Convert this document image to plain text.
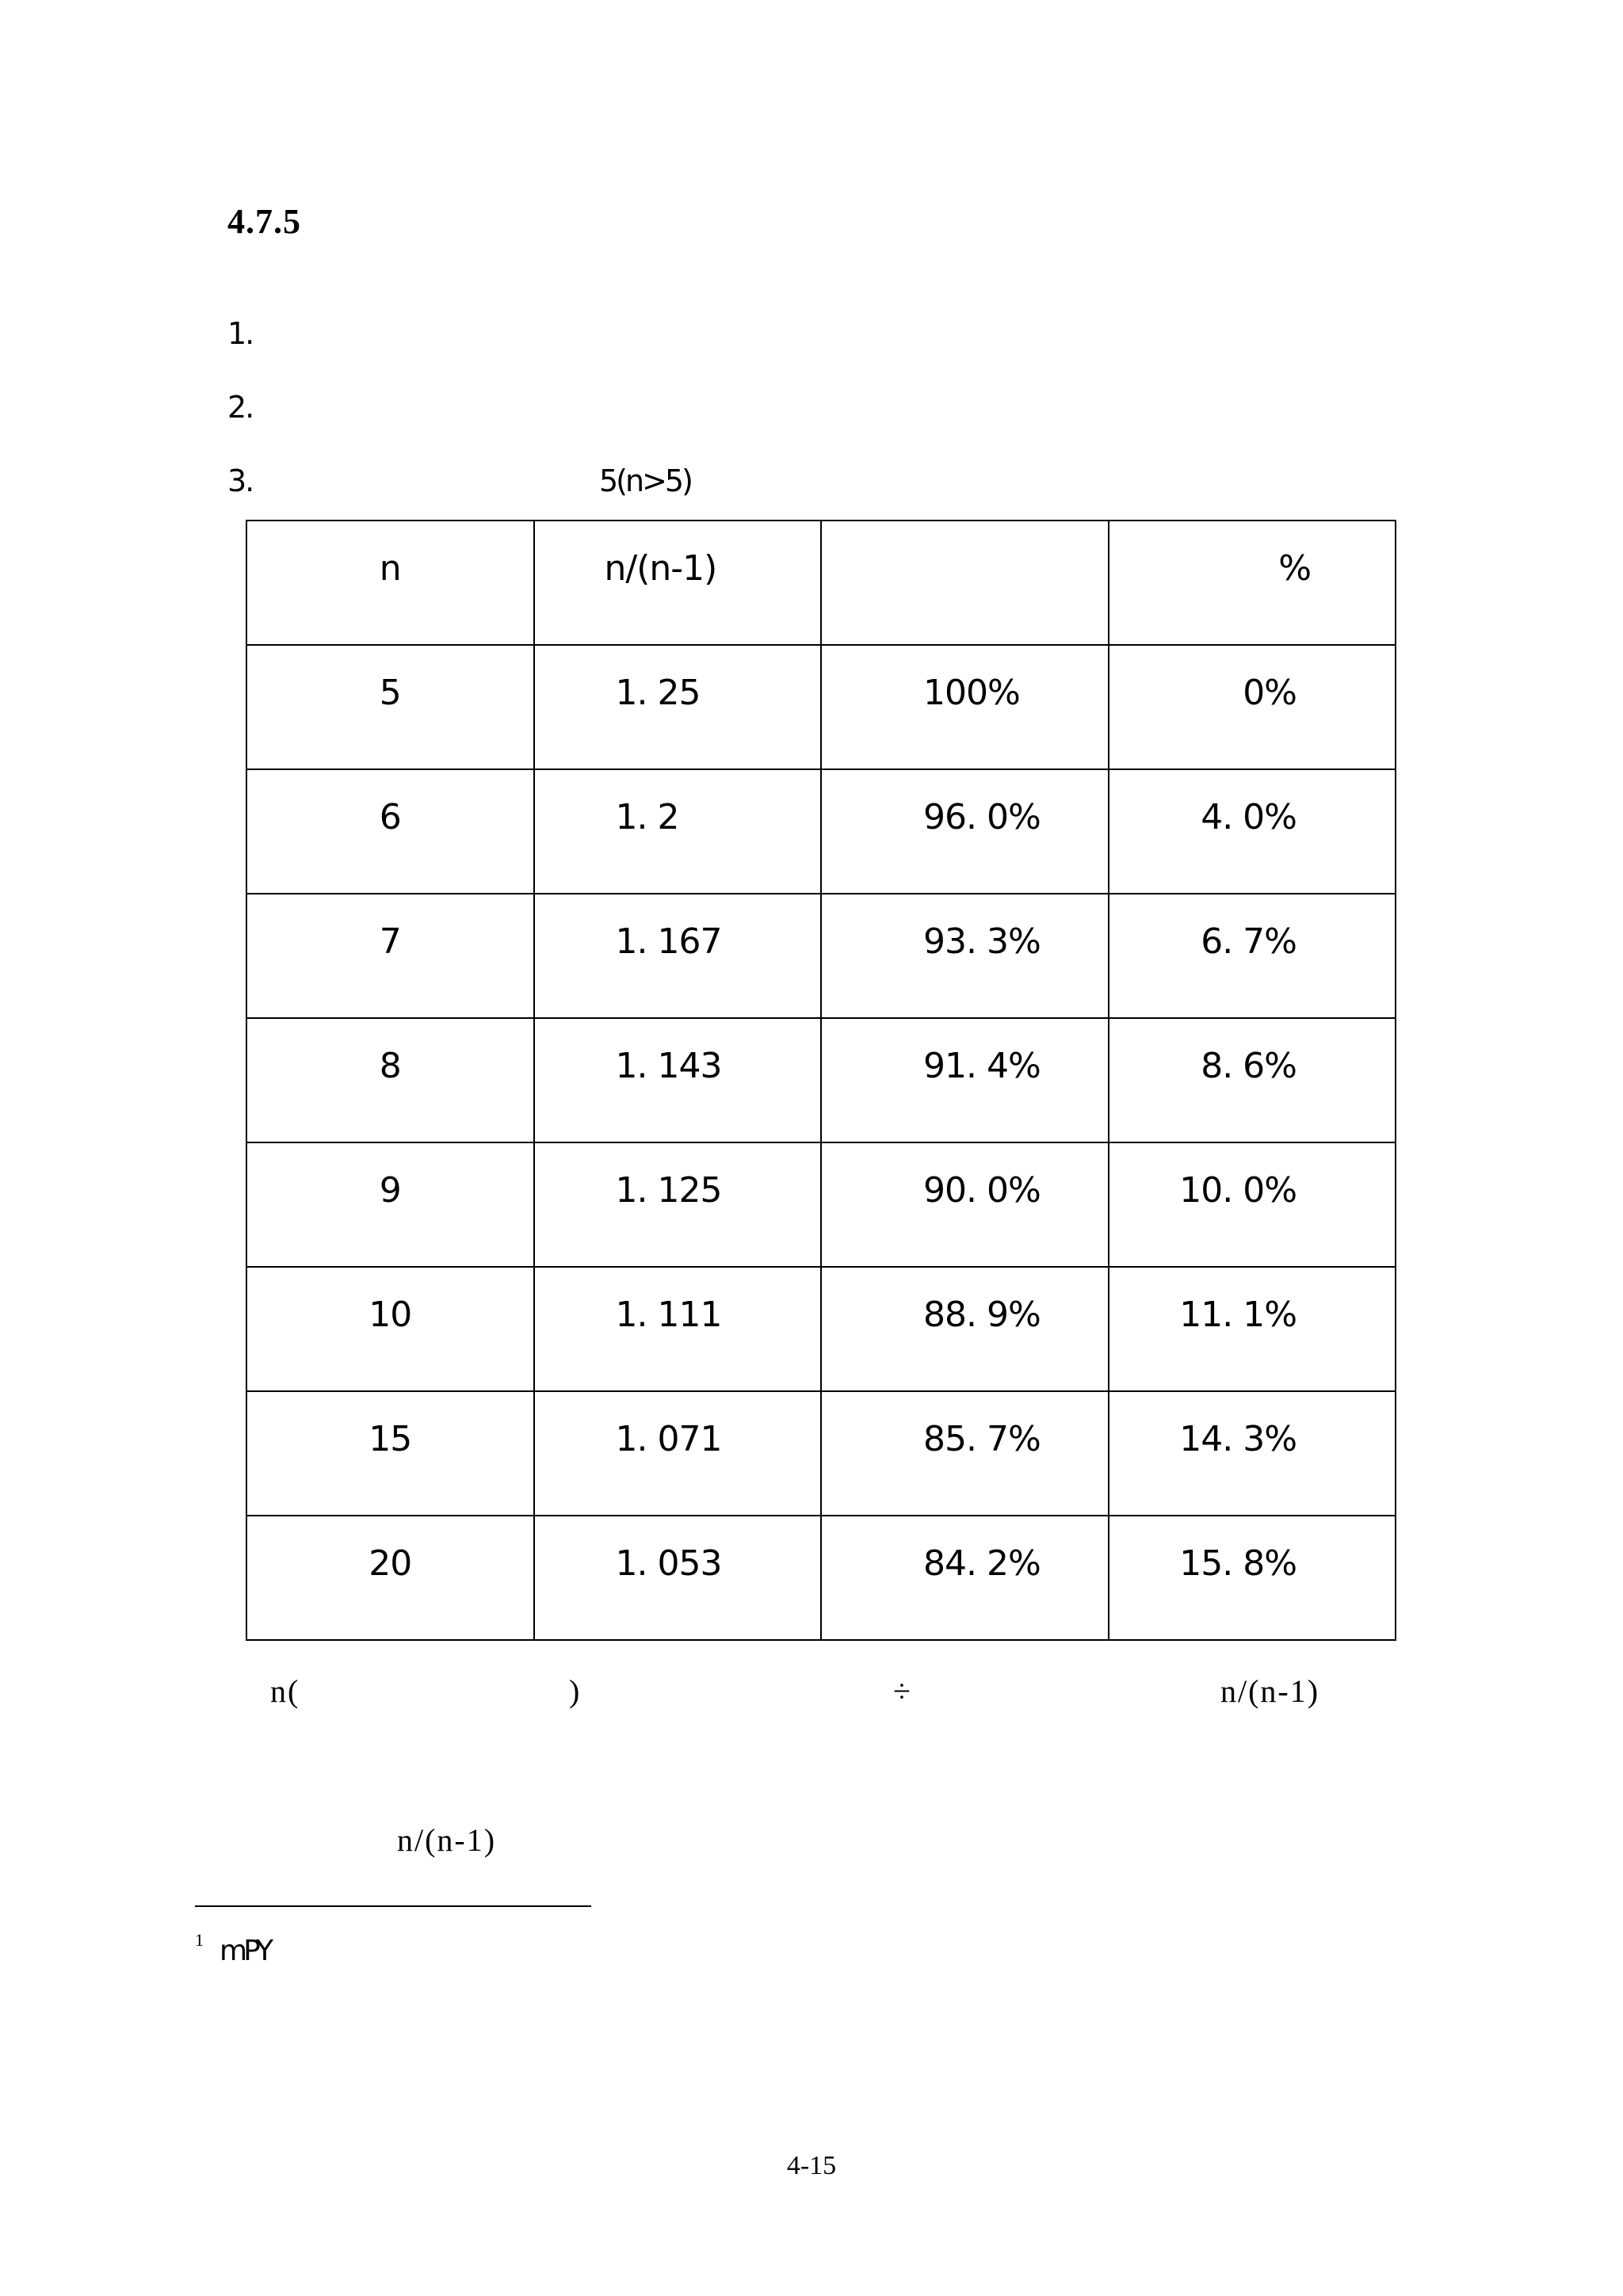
4.7.5
1.
2.
3.	5(n>5)
n	n/(n-1)		%

5	1. 25	100%	0%

6	1. 2	96. 0%	4. 0%

7	1. 167	93. 3%	6. 7%

8	1. 143	91. 4%	8. 6%

9	1. 125	90. 0%	10. 0%

10	1. 111	88. 9%	11. 1%

15	1. 071	85. 7%	14. 3%

20	1. 053	84. 2%	15. 8%
n(	)	÷	n/(n-1)
n/(n-1)
1 mPY
4-15
